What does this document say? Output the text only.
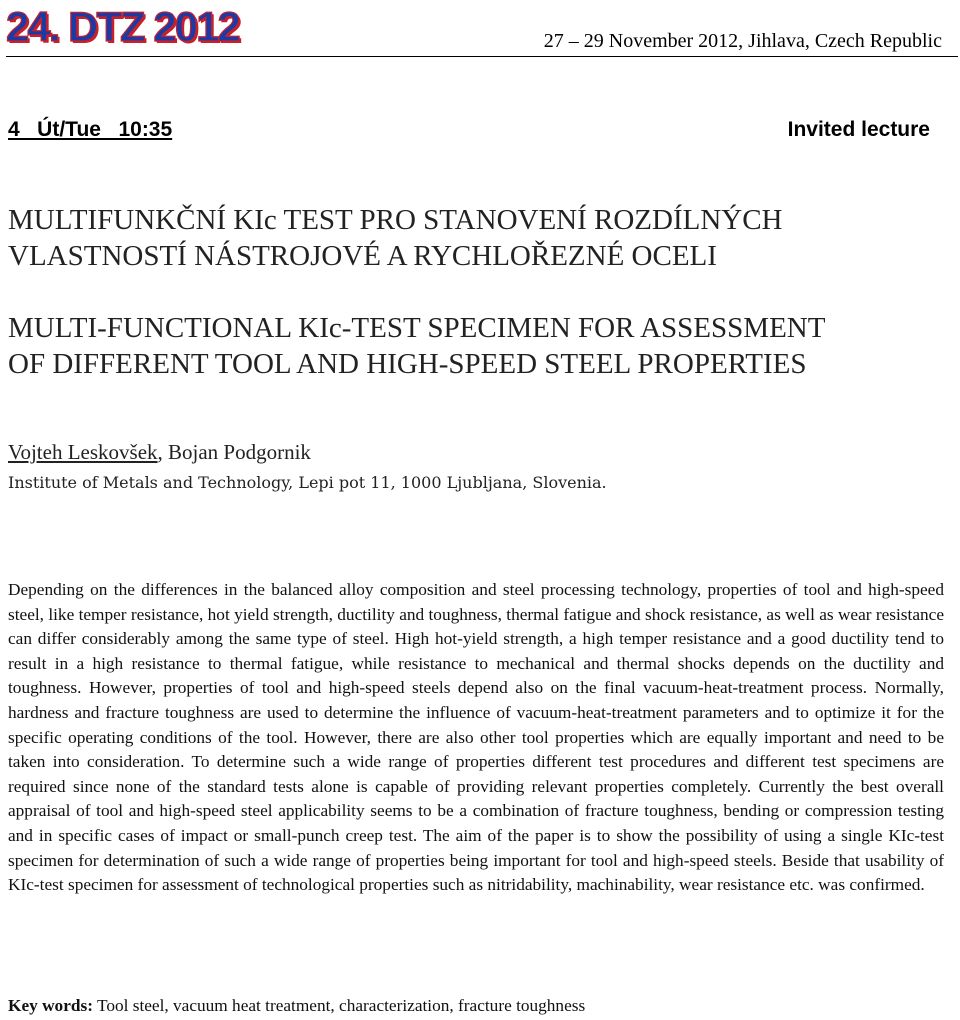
24. DTZ 2012	27 – 29 November 2012, Jihlava, Czech Republic
4   Út/Tue   10:35	Invited lecture
MULTIFUNKČNÍ KIc TEST PRO STANOVENÍ ROZDÍLNÝCH
VLASTNOSTÍ NÁSTROJOVÉ A RYCHLOŘEZNÉ OCELI
MULTI-FUNCTIONAL KIc-TEST SPECIMEN FOR ASSESSMENT
OF DIFFERENT TOOL AND HIGH-SPEED STEEL PROPERTIES
Vojteh Leskovšek, Bojan Podgornik
Institute of Metals and Technology, Lepi pot 11, 1000 Ljubljana, Slovenia.

Depending on the differences in the balanced alloy composition and steel processing technology, properties of tool and high-speed steel, like temper resistance, hot yield strength, ductility and toughness, thermal fatigue and shock resistance, as well as wear resistance can differ considerably among the same type of steel. High hot-yield strength, a high temper resistance and a good ductility tend to result in a high resistance to thermal fatigue, while resistance to mechanical and thermal shocks depends on the ductility and toughness. However, properties of tool and high-speed steels depend also on the final vacuum-heat-treatment process. Normally, hardness and fracture toughness are used to determine the influence of vacuum-heat-treatment parameters and to optimize it for the specific operating conditions of the tool. However, there are also other tool properties which are equally important and need to be taken into consideration. To determine such a wide range of properties different test procedures and different test specimens are required since none of the standard tests alone is capable of providing relevant properties completely. Currently the best overall appraisal of tool and high-speed steel applicability seems to be a combination of fracture toughness, bending or compression testing and in specific cases of impact or small-punch creep test. The aim of the paper is to show the possibility of using a single KIc-test specimen for determination of such a wide range of properties being important for tool and high-speed steels. Beside that usability of KIc-test specimen for assessment of technological properties such as nitridability, machinability, wear resistance etc. was confirmed.

Key words: Tool steel, vacuum heat treatment, characterization, fracture toughness
